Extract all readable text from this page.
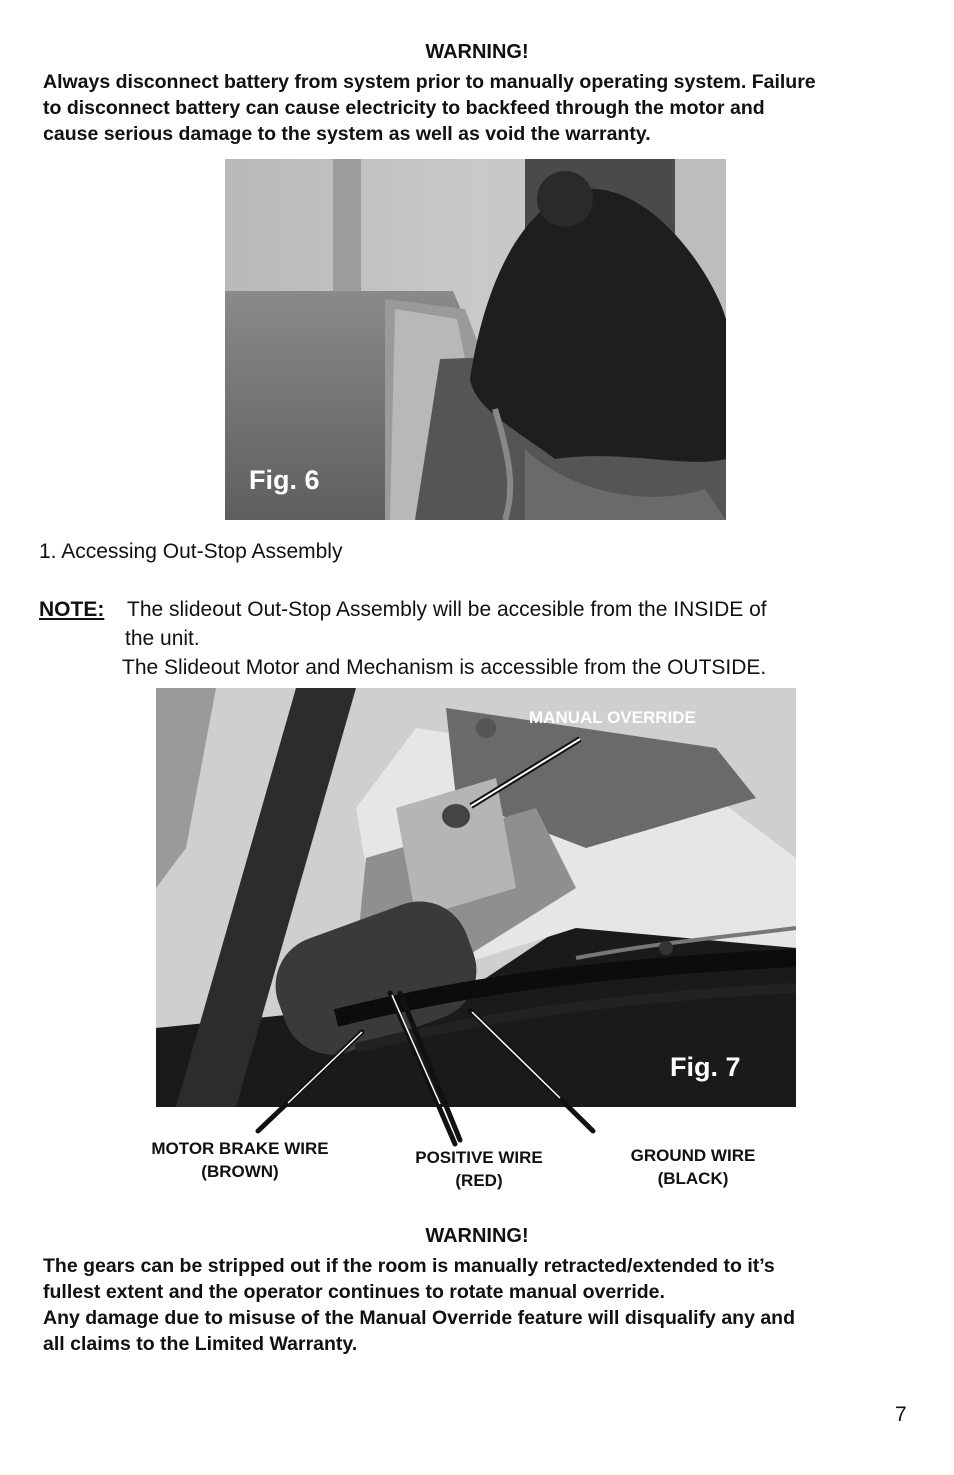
WARNING!
Always disconnect battery from system prior to manually operating system. Failure
to disconnect battery can cause electricity to backfeed through the motor and
cause serious damage to the system as well as void the warranty.
Fig. 6
1. Accessing Out-Stop Assembly
NOTE: The slideout Out-Stop Assembly will be accesible from the INSIDE of
the unit.
The Slideout Motor and Mechanism is accessible from the OUTSIDE.
MANUAL OVERRIDE
Fig. 7
MOTOR BRAKE WIRE
(BROWN)
POSITIVE WIRE
(RED)
GROUND WIRE
(BLACK)
WARNING!
The gears can be stripped out if the room is manually retracted/extended to it’s
fullest extent and the operator continues to rotate manual override.
Any damage due to misuse of the Manual Override feature will disqualify any and
all claims to the Limited Warranty.
7
